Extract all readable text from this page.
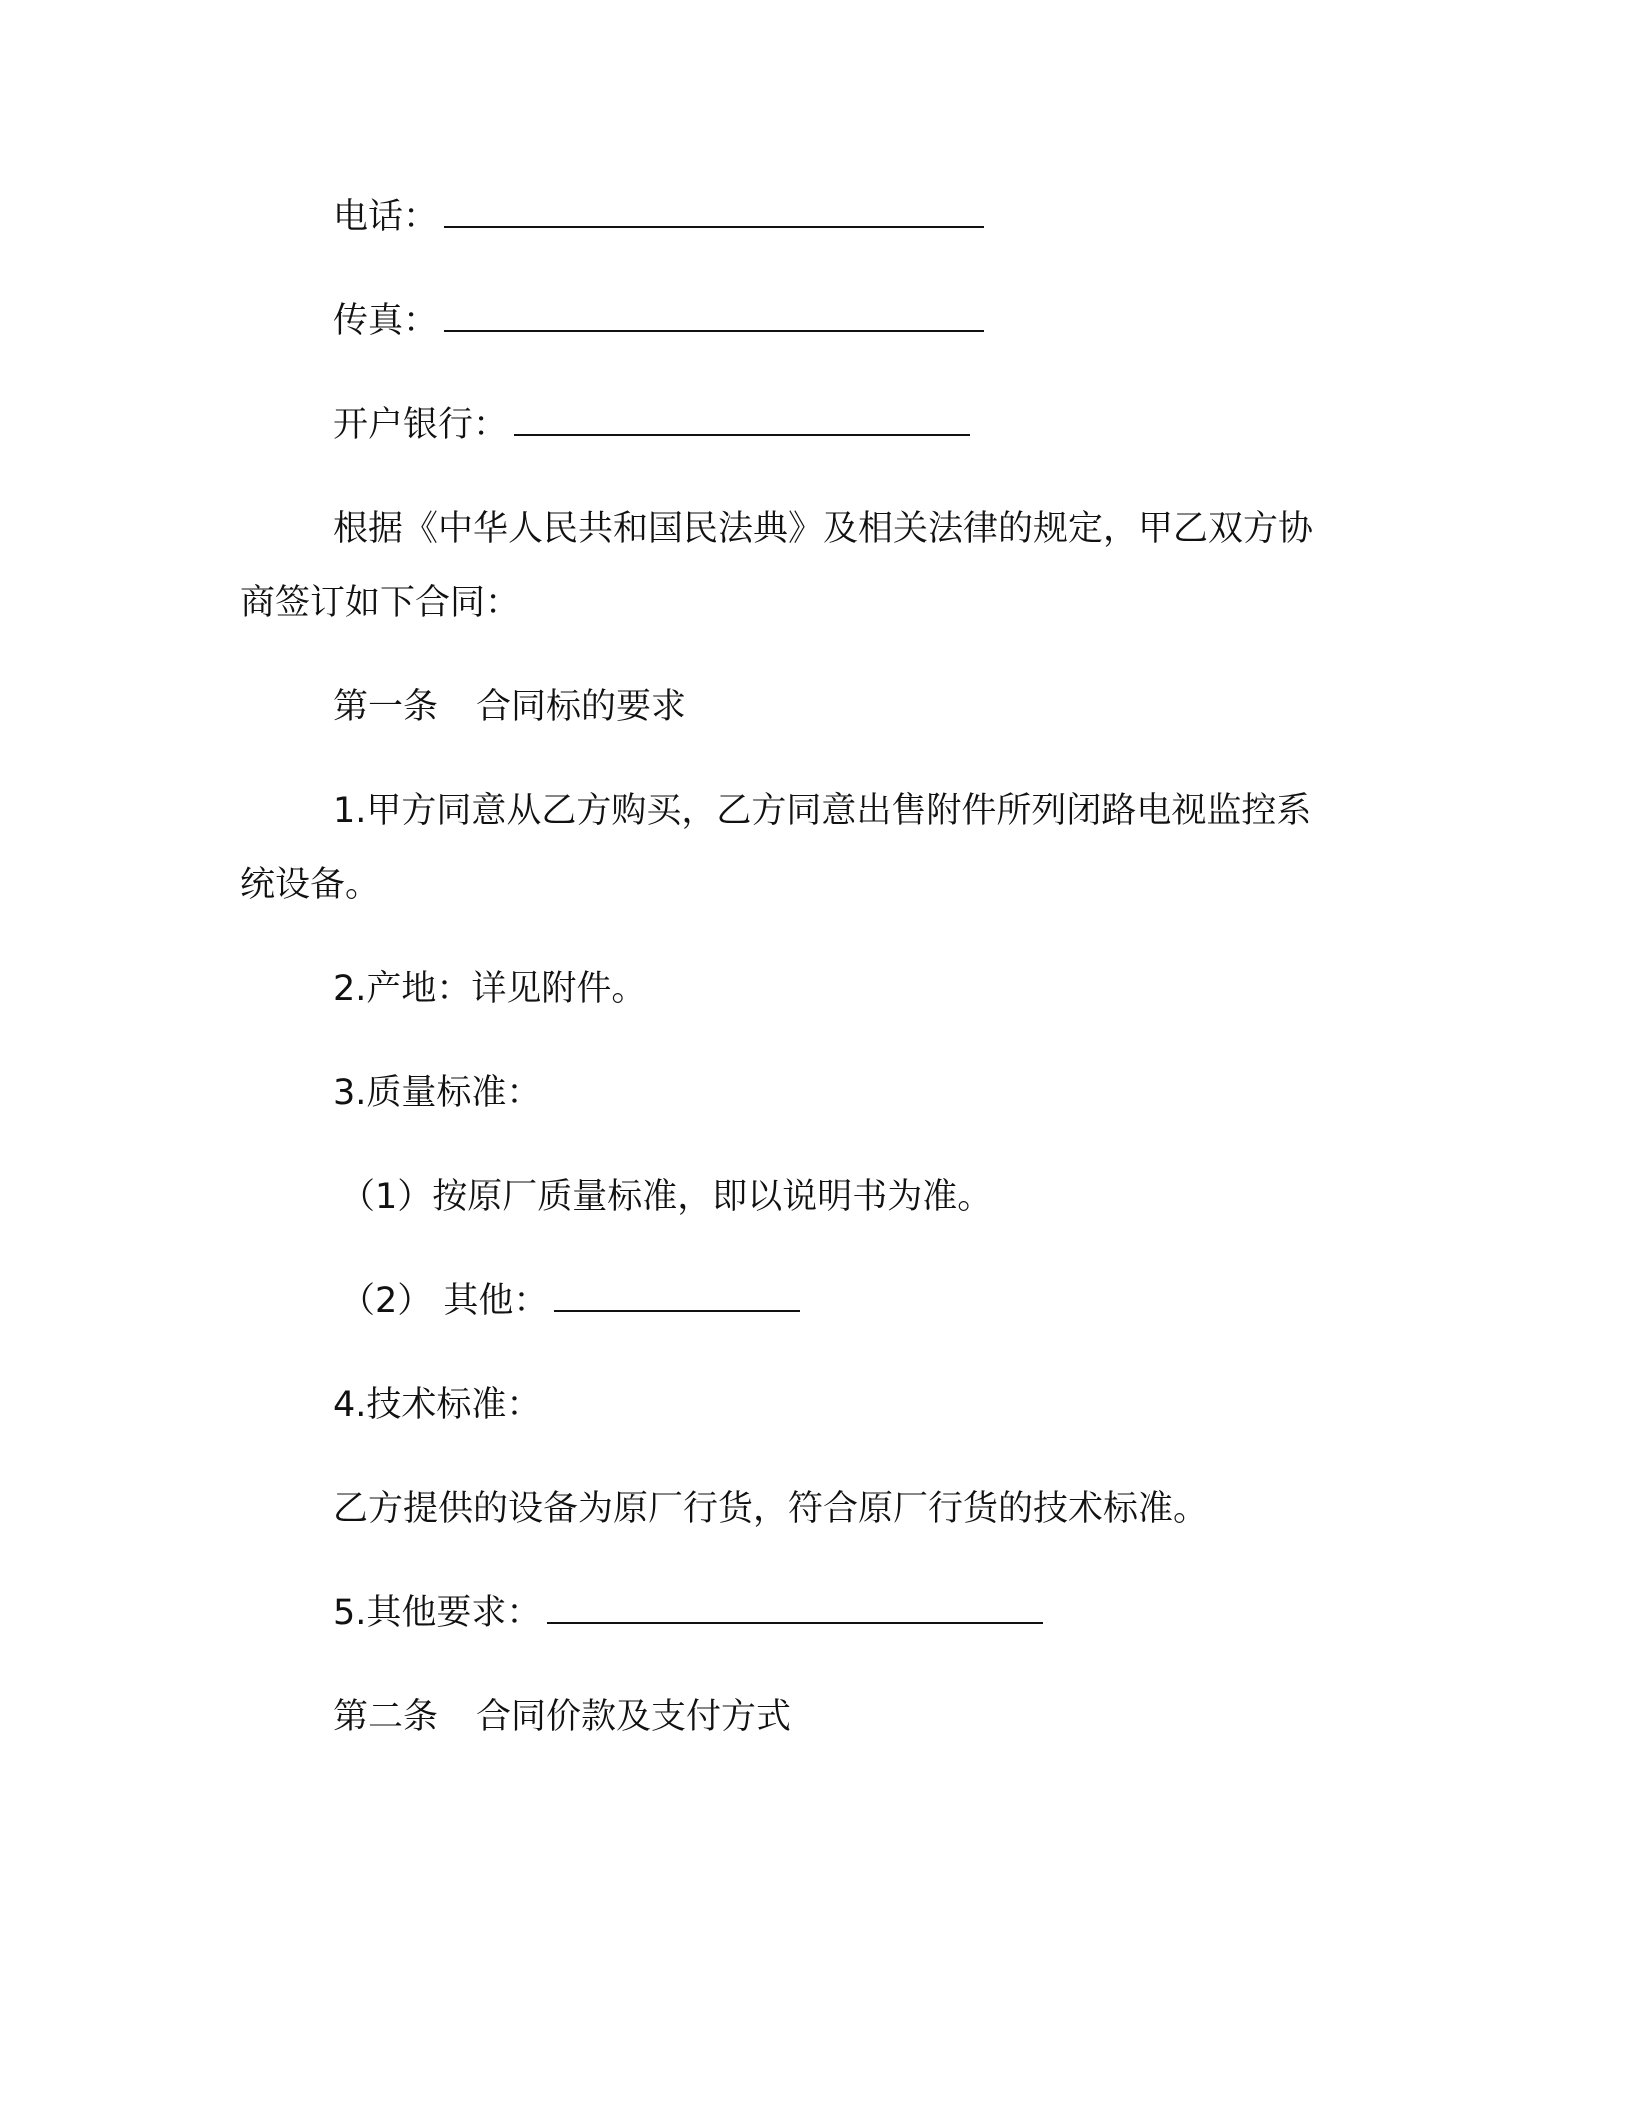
电话：
传真：
开户银行：
根据《中华人民共和国民法典》及相关法律的规定，甲乙双方协
商签订如下合同：
第一条 合同标的要求
1.甲方同意从乙方购买，乙方同意出售附件所列闭路电视监控系
统设备。
2.产地：详见附件。
3.质量标准：
（1）按原厂质量标准，即以说明书为准。
（2） 其他：
4.技术标准：
乙方提供的设备为原厂行货，符合原厂行货的技术标准。
5.其他要求：
第二条 合同价款及支付方式
